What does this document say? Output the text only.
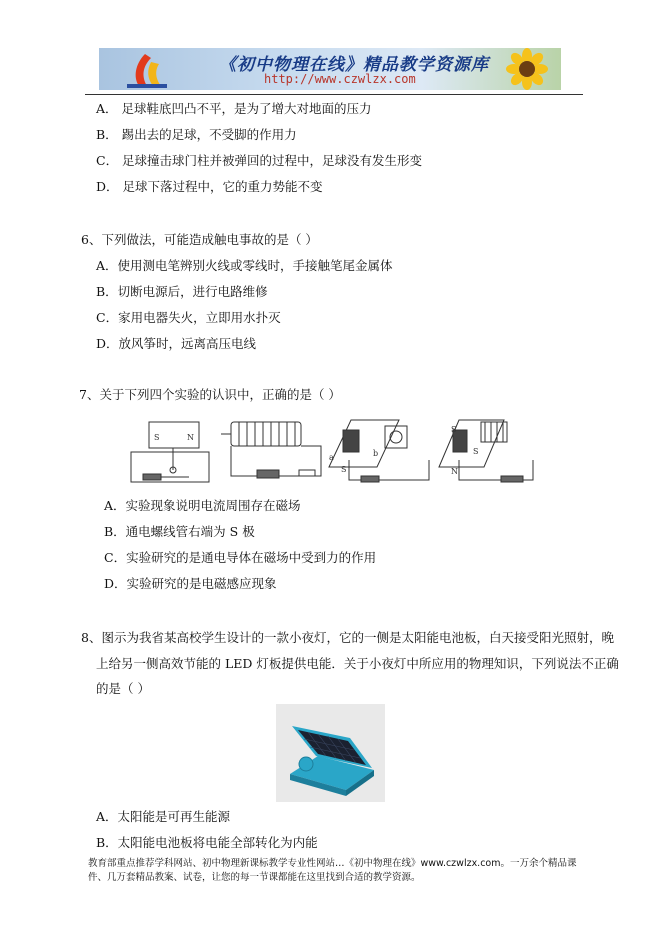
《初中物理在线》精品教学资源库
http://www.czwlzx.com
A． 足球鞋底凹凸不平，是为了增大对地面的压力
B． 踢出去的足球，不受脚的作用力
C． 足球撞击球门柱并被弹回的过程中，足球没有发生形变
D． 足球下落过程中，它的重力势能不变
6、下列做法，可能造成触电事故的是（ ）
A．使用测电笔辨别火线或零线时，手接触笔尾金属体
B．切断电源后，进行电路维修
C．家用电器失火，立即用水扑灭
D．放风筝时，远离高压电线
7、关于下列四个实验的认识中，正确的是（ ）
S	N
S
a	b
S
N
S
A．实验现象说明电流周围存在磁场
B．通电螺线管右端为 S 极
C．实验研究的是通电导体在磁场中受到力的作用
D．实验研究的是电磁感应现象
8、图示为我省某高校学生设计的一款小夜灯，它的一侧是太阳能电池板，白天接受阳光照射，晚
上给另一侧高效节能的 LED 灯板提供电能．关于小夜灯中所应用的物理知识，下列说法不正确
的是（ ）
A．太阳能是可再生能源
B．太阳能电池板将电能全部转化为内能
教育部重点推荐学科网站、初中物理新课标教学专业性网站…《初中物理在线》www.czwlzx.com。一万余个精品课
件、几万套精品教案、试卷，让您的每一节课都能在这里找到合适的教学资源。
